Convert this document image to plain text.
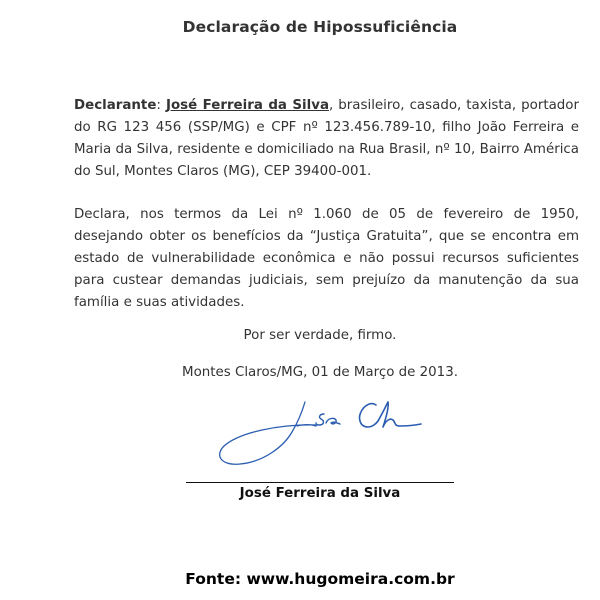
Declaração de Hipossuficiência
Declarante: José Ferreira da Silva, brasileiro, casado, taxista, portador do RG 123 456 (SSP/MG) e CPF nº 123.456.789-10, filho João Ferreira e Maria da Silva, residente e domiciliado na Rua Brasil, nº 10, Bairro América do Sul, Montes Claros (MG), CEP 39400-001.
Declara, nos termos da Lei nº 1.060 de 05 de fevereiro de 1950, desejando obter os benefícios da “Justiça Gratuita”, que se encontra em estado de vulnerabilidade econômica e não possui recursos suficientes para custear demandas judiciais, sem prejuízo da manutenção da sua família e suas atividades.
Por ser verdade, firmo.
Montes Claros/MG, 01 de Março de 2013.
José Ferreira da Silva
Fonte: www.hugomeira.com.br
